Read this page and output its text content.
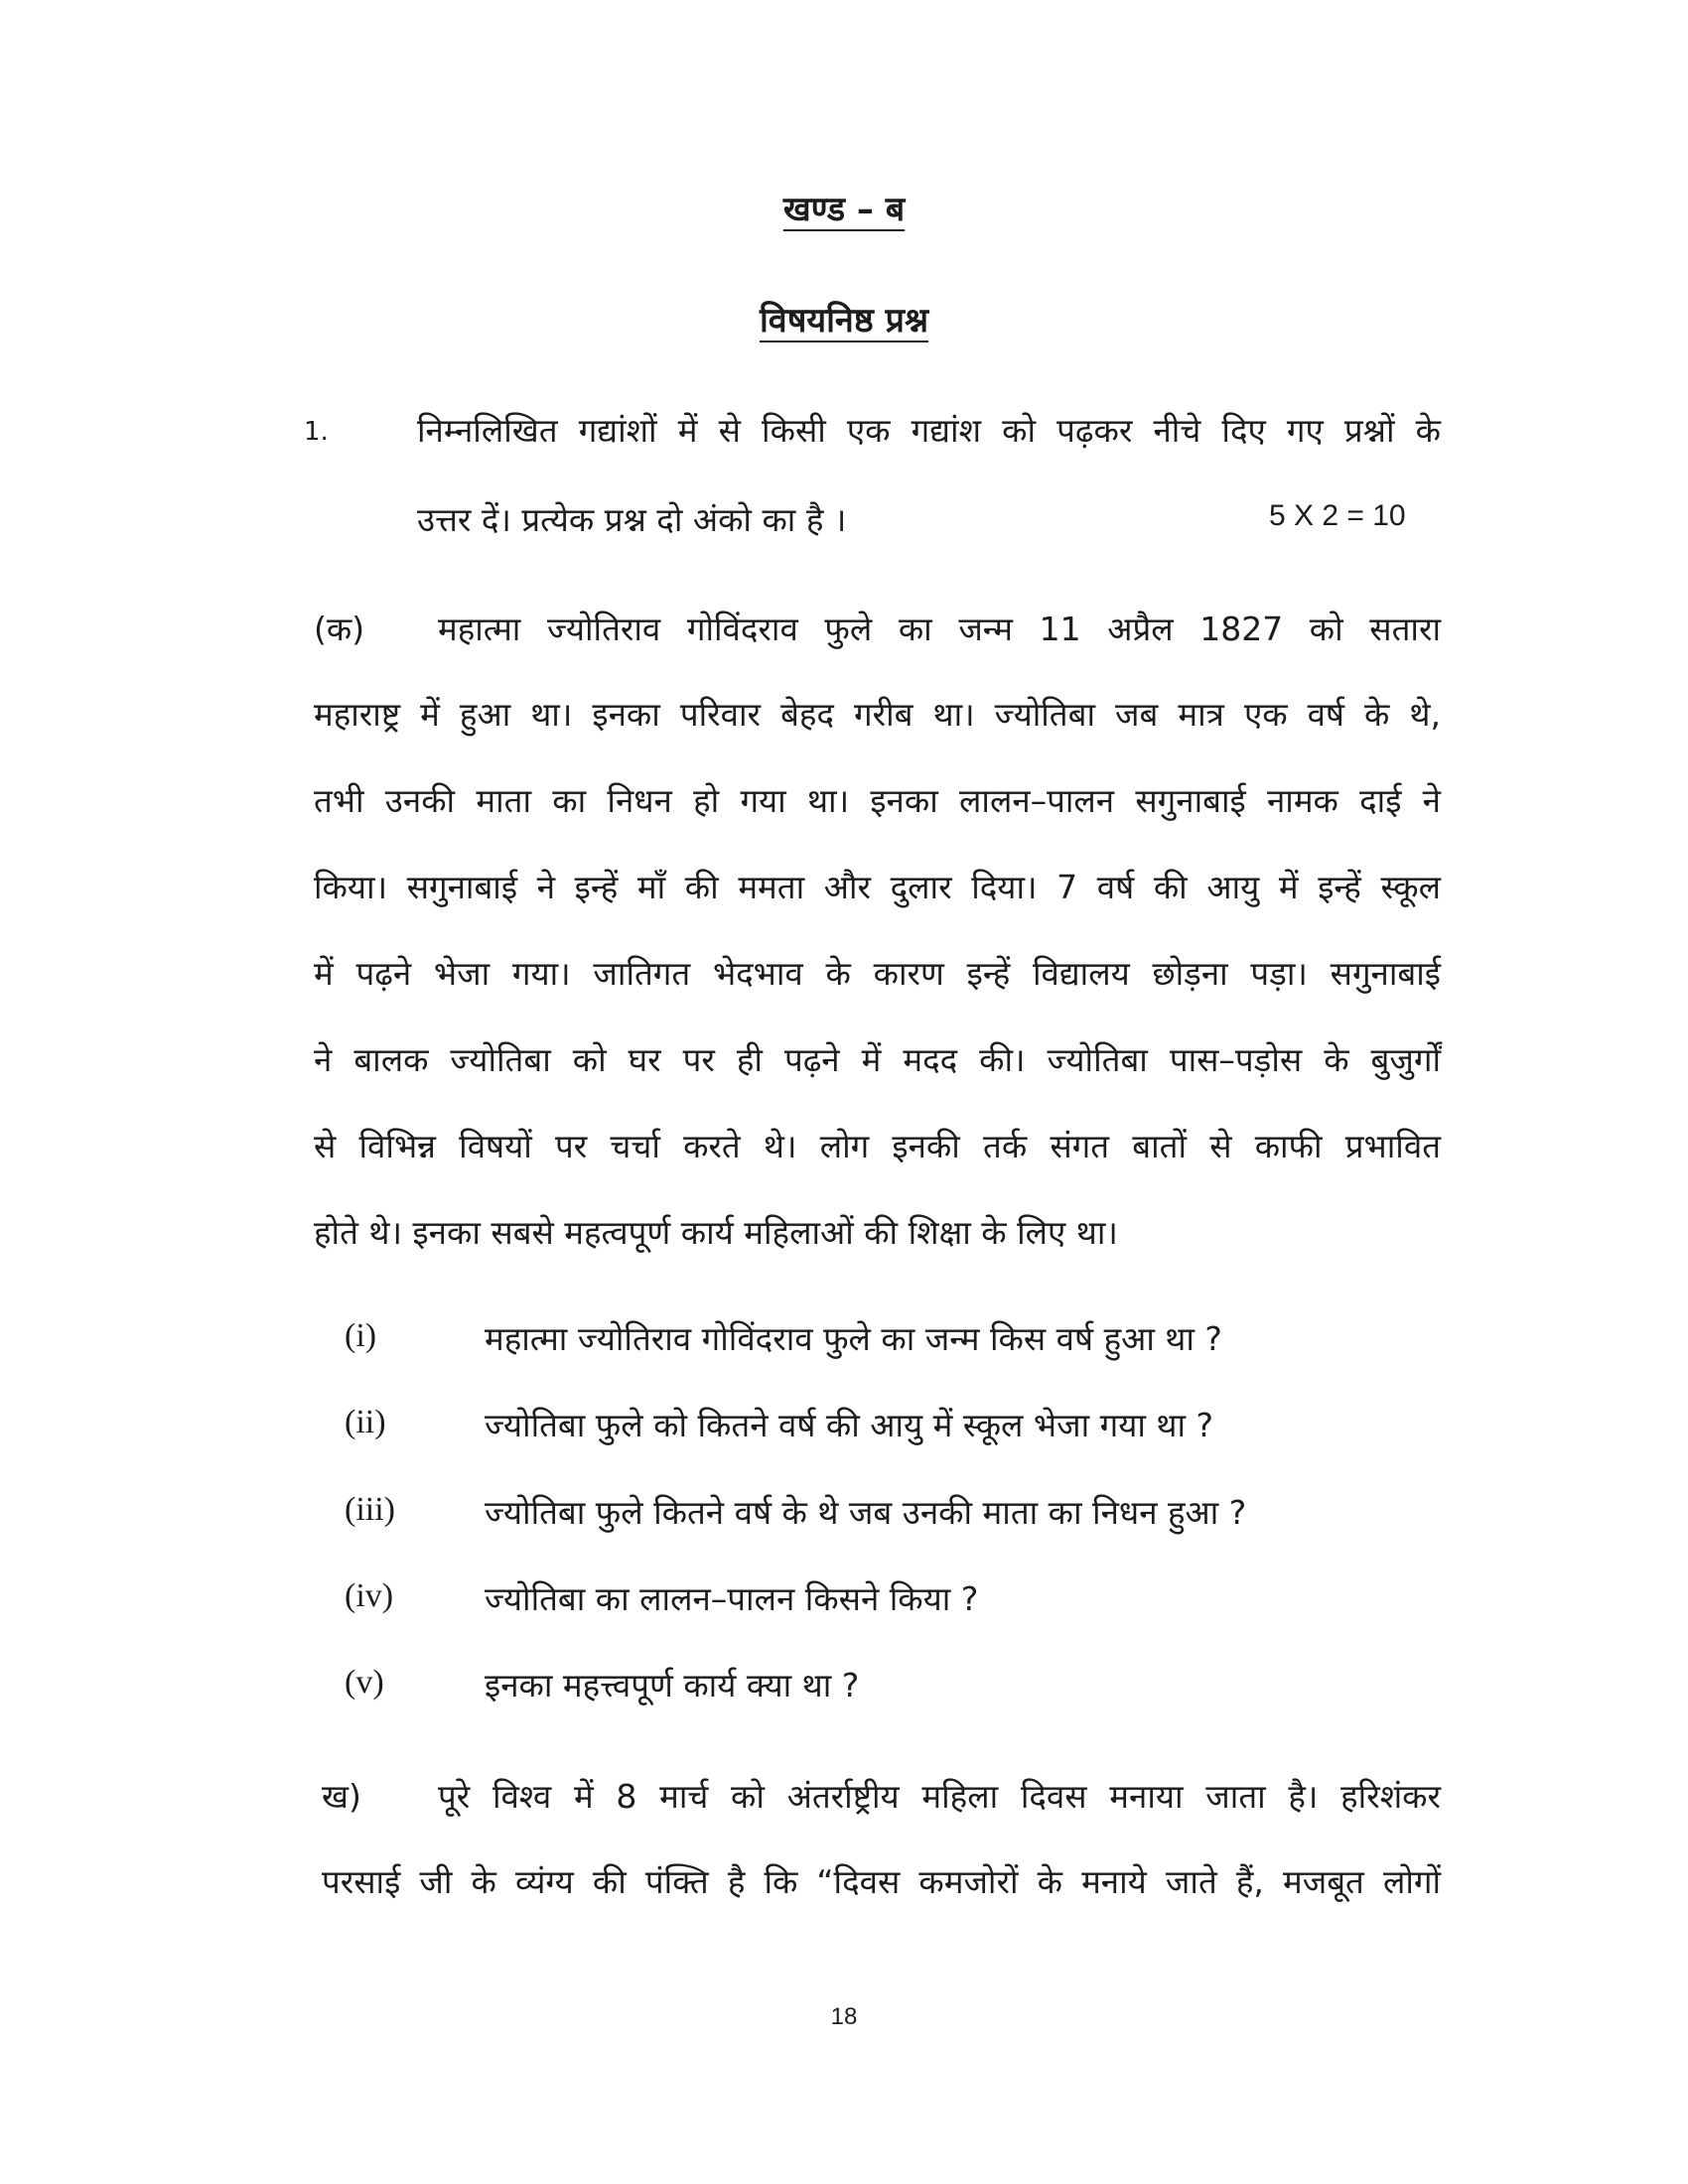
खण्ड – ब
विषयनिष्ठ प्रश्न
1.	निम्नलिखित गद्यांशों में से किसी एक गद्यांश को पढ़कर नीचे दिए गए प्रश्नों के
उत्तर दें। प्रत्येक प्रश्न दो अंको का है ।	5 X 2 = 10
(क) महात्मा ज्योतिराव गोविंदराव फुले का जन्म 11 अप्रैल 1827 को सतारा
महाराष्ट्र में हुआ था। इनका परिवार बेहद गरीब था। ज्योतिबा जब मात्र एक वर्ष के थे,
तभी उनकी माता का निधन हो गया था। इनका लालन–पालन सगुनाबाई नामक दाई ने
किया। सगुनाबाई ने इन्हें माँ की ममता और दुलार दिया। 7 वर्ष की आयु में इन्हें स्कूल
में पढ़ने भेजा गया। जातिगत भेदभाव के कारण इन्हें विद्यालय छोड़ना पड़ा। सगुनाबाई
ने बालक ज्योतिबा को घर पर ही पढ़ने में मदद की। ज्योतिबा पास–पड़ोस के बुजुर्गों
से विभिन्न विषयों पर चर्चा करते थे। लोग इनकी तर्क संगत बातों से काफी प्रभावित
होते थे। इनका सबसे महत्वपूर्ण कार्य महिलाओं की शिक्षा के लिए था।
(i)	महात्मा ज्योतिराव गोविंदराव फुले का जन्म किस वर्ष हुआ था ?
(ii)	ज्योतिबा फुले को कितने वर्ष की आयु में स्कूल भेजा गया था ?
(iii)	ज्योतिबा फुले कितने वर्ष के थे जब उनकी माता का निधन हुआ ?
(iv)	ज्योतिबा का लालन–पालन किसने किया ?
(v)	इनका महत्त्वपूर्ण कार्य क्या था ?
ख) पूरे विश्व में 8 मार्च को अंतर्राष्ट्रीय महिला दिवस मनाया जाता है। हरिशंकर
परसाई जी के व्यंग्य की पंक्ति है कि “दिवस कमजोरों के मनाये जाते हैं, मजबूत लोगों
18
